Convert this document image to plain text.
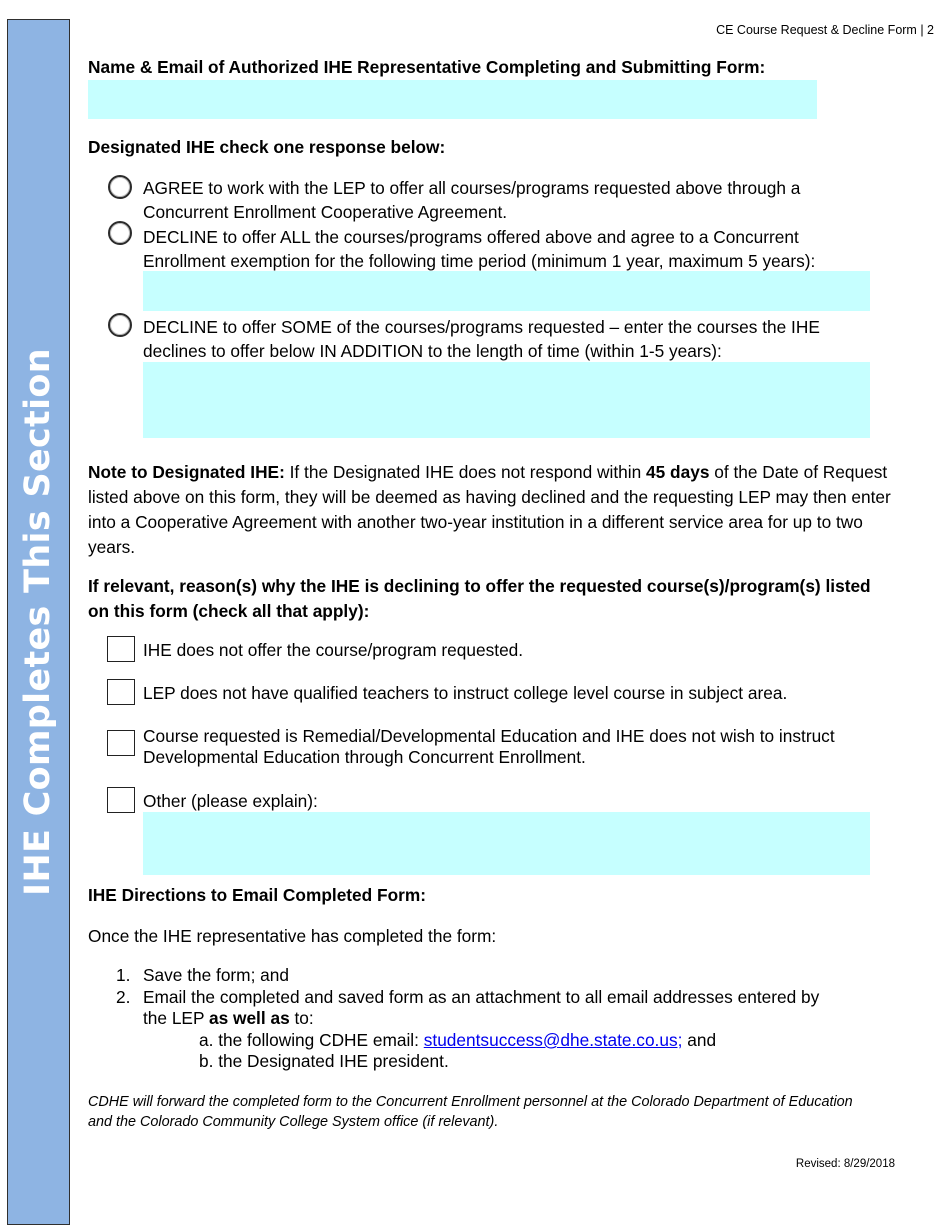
IHE Completes This Section
CE Course Request & Decline Form | 2
Name & Email of Authorized IHE Representative Completing and Submitting Form:
Designated IHE check one response below:
AGREE to work with the LEP to offer all courses/programs requested above through a
Concurrent Enrollment Cooperative Agreement.
DECLINE to offer ALL the courses/programs offered above and agree to a Concurrent
Enrollment exemption for the following time period (minimum 1 year, maximum 5 years):
DECLINE to offer SOME of the courses/programs requested – enter the courses the IHE
declines to offer below IN ADDITION to the length of time (within 1-5 years):
Note to Designated IHE: If the Designated IHE does not respond within 45 days of the Date of Request listed above on this form, they will be deemed as having declined and the requesting LEP may then enter into a Cooperative Agreement with another two-year institution in a different service area for up to two years.
If relevant, reason(s) why the IHE is declining to offer the requested course(s)/program(s) listed on this form (check all that apply):
IHE does not offer the course/program requested.
LEP does not have qualified teachers to instruct college level course in subject area.
Course requested is Remedial/Developmental Education and IHE does not wish to instruct
Developmental Education through Concurrent Enrollment.
Other (please explain):
IHE Directions to Email Completed Form:
Once the IHE representative has completed the form:
1. Save the form; and
2. Email the completed and saved form as an attachment to all email addresses entered by
the LEP as well as to:
a. the following CDHE email: studentsuccess@dhe.state.co.us; and
b. the Designated IHE president.
CDHE will forward the completed form to the Concurrent Enrollment personnel at the Colorado Department of Education and the Colorado Community College System office (if relevant).
Revised: 8/29/2018
